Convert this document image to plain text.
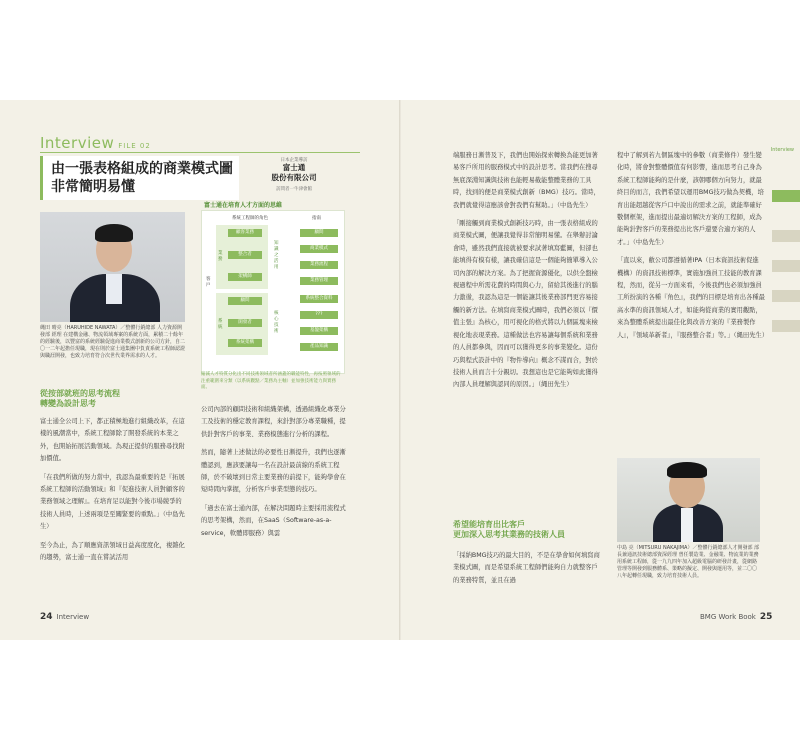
Interview FILE 02
由一張表格組成的商業模式圖
非常簡明易懂
日本企業導訪
富士通
股份有限公司
訪問者一牛津會館
縄田 晴亮（HARUHIDE NAWATA）／整體行銷總部 人力資源開發部 經理 在建構金融、物流領域專案的系統方面，累積二十餘年的經驗後，以豐富的系統經驗促進商業模式創新的公司方針，自二〇一二年起擔任現職，現在則於富士通集團中負責系統工程師認證與職涯開發，也致力培育符合次世代業界需求的人才。
從按部就班的思考流程
轉變為設計思考

富士通全公司上下，都正積極地進行組織改革，在這樣的風潮當中，系統工程師除了開發系統的本業之外，也開始拓展活動領域。為現正提供的服務尋找附加價值。

「在我們所做的努力當中，我認為最重要的是『拓展系統工程師的活動領域』和『促進技術人員對顧客的業務領域之理解』。在培育足以能對今後市場競爭的技術人員時，上述兩項是至關緊要的重點。」（中島先生）

至今為止，為了順應資訊領域日益高度度化，複雜化的趨勢，富士通一直在嘗試活用

富士通在培育人才方面的思維
系統工程師的角色	指南
客戶
業務
系統
顧客業務
整合者
架構師
顧問
開發者
系統架構
知識之活用
核心技術
顧問
商業模式
業務流程
業務管理
系統整合資料
???
基盤架構
產品知識
縮減人才特質分化出不同技術領域者所涵蓋的職能特性，再按照領域的注重範圍來分類（以系統觀點／業務為主軸）並加強技術能力與實務面。

公司內部的顧問技術和組織架構，透過組織化專業分工及技術的穩定教育課程，來針對部分專業職種，提供針對客戶的事業、業務模態進行分析的課程。

然而，隨著上述做法的必要性日漸提升，我們也逐漸體認到，應該要讓每一名在設計最前線的系統工程師，於不破壞到日常主要業務的前提下，能夠學會在短時間內掌握，分析客戶事業型態的技巧。

「過去在富士通內部，在解決問題時主要採用流程式的思考架構，然而，在SaaS（Software-as-a-service，軟體即服務）與雲

24 Interview

端服務日漸普及下，我們也開始探索轉換為能更加著易客戶所用的服務模式中的設計思考。當我們在搜尋無底深淵知識與技術也能輕易截能整體業務的工具時，找到的便是商業模式創新（BMG）技巧。當時，我們就覺得這應該會對我們有幫助。」（中島先生）

「剛接觸到商業模式創新技巧時，由一張表格組成的商業模式圖，便讓我覺得非常簡明易懂。在舉辦討論會時，雖然我們直接就被要求試著填寫藍圖，但卻也能填得有模有樣，讓我確信這是一個能夠簡單導入公司內部的解決方案。為了把握資源優化，以供全盤檢視過程中所需花費的時間與心力，留給其後進行的腦力激盪，我認為這是一個能讓其後業務部門更容易接觸的新方法。在填寫商業模式圖時，我們必須以『價值主張』為核心，用可視化的格式將以九個區塊來檢視化地表現業務。這種做法也容易讓每個系統和業務的人員都參與，因而可以獲得更多的事業變化。這份巧與程式設計中的『物件導向』概念不謀而合，對於技術人員而言十分親切。我想這也是它能夠如此獲得內部人員理解與認同的原因。」（縄田先生）

希望能培育出比客戶
更加深入思考其業務的技術人員

「採納BMG技巧的最大目的，不是在學會如何填寫商業模式圖，而是希望系統工程師們能夠自力就整客戶的業務特質，並且在過

程中了解到若九個區塊中的參數（商業條件）發生變化時，將會對整體價值有何影響，進而思考自己身為系統工程師能夠的是什麼，該朝哪個方向努力，就最終目的而言，我們希望以運用BMG技巧做為契機，培育出能超越從客戶口中說出的需求之前，就能準確好數個框架，進而提出最適切解決方案的工程師，成為能夠針對客戶的業務提出比客戶還要合適方案的人才。」（中島先生）

「直以來，敝公司都遵循著IPA（日本資訊技術促進機構）的資訊技術標準，實施加強員工技能的教育課程，然而，從另一方面來看，今後我們也必須加強員工所扮演的各種『角色』，我們的目標是培育出各種最高水準的資訊領域人才，如能夠從商業的實用觀點，來為整體系統提出最佳化與改善方案的『業務製作人』，『領域革新者』，『服務整合者』等。」（縄田先生）

中島 亮（MITSURU NAKAJIMA）／整體行銷總部人才開發部 部長兼通訊技術總部資深經理 曾任製造業、金融業、物流業的業務用系統工程師，從一九九四年加入超級電腦的研發計畫，從網路管理等開發到服務體系、策略的擬定、開發與運用等，並二〇〇八年起轉任現職，致力培育技術人員。
Interview
BMG Work Book 25
